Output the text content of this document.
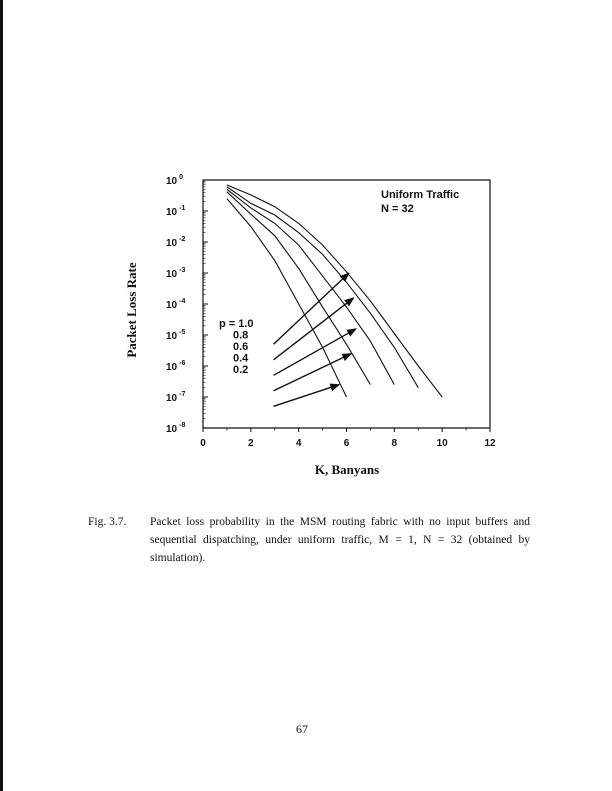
10 $^0$
10 $^{-1}$
10 $^{-2}$
10 $^{-3}$
10 $^{-4}$
10 $^{-5}$
10 $^{-6}$
10 $^{-7}$
10 $^{-8}$
0	2	4	6	8	10	12
p = 1.0
0.8
0.6
0.4
0.2
Uniform Traffic
N = 32
K, Banyans
Packet Loss Rate
Fig. 3.7. Packet loss probability in the MSM routing fabric with no input buffers and sequential dispatching, under uniform traffic, M = 1, N = 32 (obtained by simulation).
67
